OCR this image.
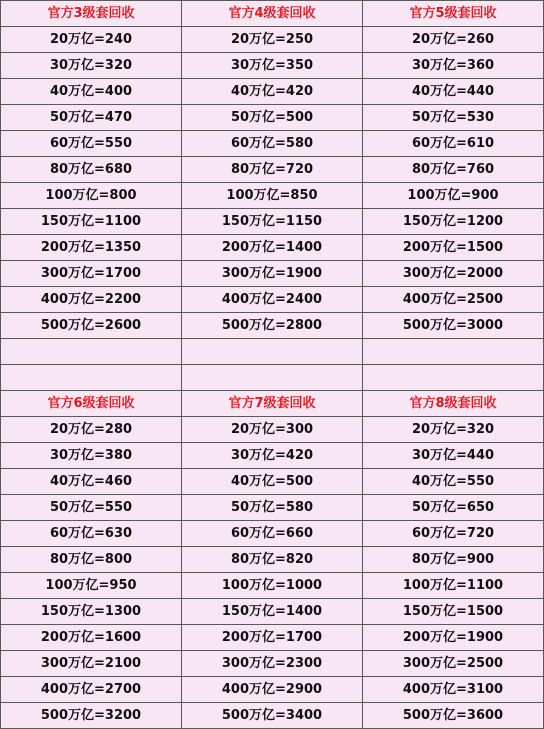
官方3级套回收	官方4级套回收	官方5级套回收
20万亿=240	20万亿=250	20万亿=260
30万亿=320	30万亿=350	30万亿=360
40万亿=400	40万亿=420	40万亿=440
50万亿=470	50万亿=500	50万亿=530
60万亿=550	60万亿=580	60万亿=610
80万亿=680	80万亿=720	80万亿=760
100万亿=800	100万亿=850	100万亿=900
150万亿=1100	150万亿=1150	150万亿=1200
200万亿=1350	200万亿=1400	200万亿=1500
300万亿=1700	300万亿=1900	300万亿=2000
400万亿=2200	400万亿=2400	400万亿=2500
500万亿=2600	500万亿=2800	500万亿=3000

官方6级套回收	官方7级套回收	官方8级套回收
20万亿=280	20万亿=300	20万亿=320
30万亿=380	30万亿=420	30万亿=440
40万亿=460	40万亿=500	40万亿=550
50万亿=550	50万亿=580	50万亿=650
60万亿=630	60万亿=660	60万亿=720
80万亿=800	80万亿=820	80万亿=900
100万亿=950	100万亿=1000	100万亿=1100
150万亿=1300	150万亿=1400	150万亿=1500
200万亿=1600	200万亿=1700	200万亿=1900
300万亿=2100	300万亿=2300	300万亿=2500
400万亿=2700	400万亿=2900	400万亿=3100
500万亿=3200	500万亿=3400	500万亿=3600
